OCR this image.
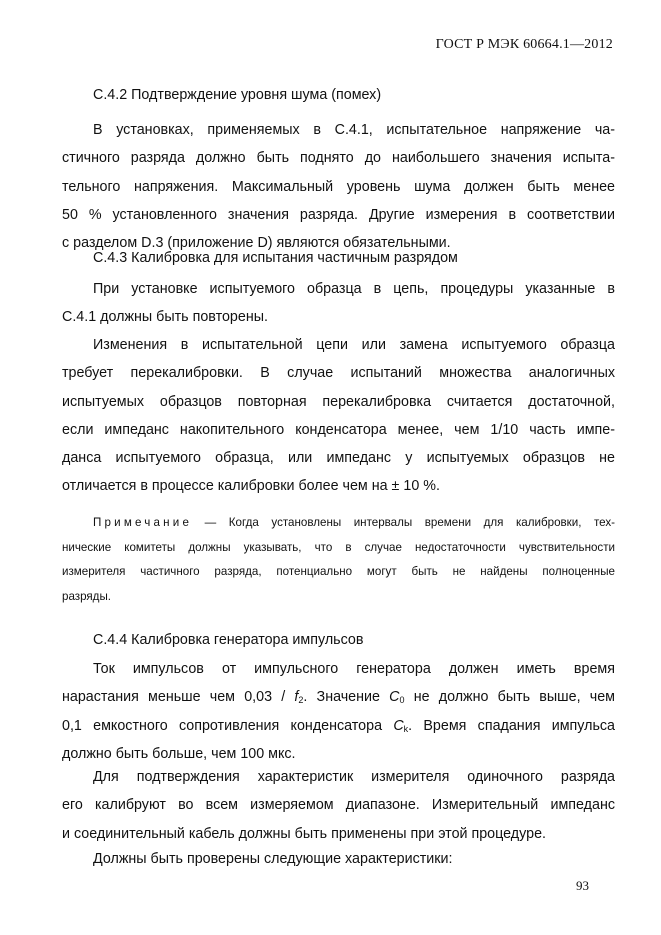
ГОСТ Р МЭК 60664.1—2012

С.4.2 Подтверждение уровня шума (помех)

В установках, применяемых в С.4.1, испытательное напряжение ча-
стичного разряда должно быть поднято до наибольшего значения испыта-
тельного напряжения. Максимальный уровень шума должен быть менее
50 % установленного значения разряда. Другие измерения в соответствии
с разделом D.3 (приложение D) являются обязательными.

С.4.3 Калибровка для испытания частичным разрядом

При установке испытуемого образца в цепь, процедуры указанные в
С.4.1 должны быть повторены.
Изменения в испытательной цепи или замена испытуемого образца
требует перекалибровки. В случае испытаний множества аналогичных
испытуемых образцов повторная перекалибровка считается достаточной,
если импеданс накопительного конденсатора менее, чем 1/10 часть импе-
данса испытуемого образца, или импеданс у испытуемых образцов не
отличается в процессе калибровки более чем на ± 10 %.
Примечание — Когда установлены интервалы времени для калибровки, тех-
нические комитеты должны указывать, что в случае недостаточности чувствительности
измерителя частичного разряда, потенциально могут быть не найдены полноценные
разряды.

С.4.4 Калибровка генератора импульсов

Ток импульсов от импульсного генератора должен иметь время
нарастания меньше чем $0,03 / f_2$. Значение $C_0$ не должно быть выше, чем
0,1 емкостного сопротивления конденсатора $C_k$. Время спадания импульса
должно быть больше, чем 100 мкс.
Для подтверждения характеристик измерителя одиночного разряда
его калибруют во всем измеряемом диапазоне. Измерительный импеданс
и соединительный кабель должны быть применены при этой процедуре.
Должны быть проверены следующие характеристики:
93
